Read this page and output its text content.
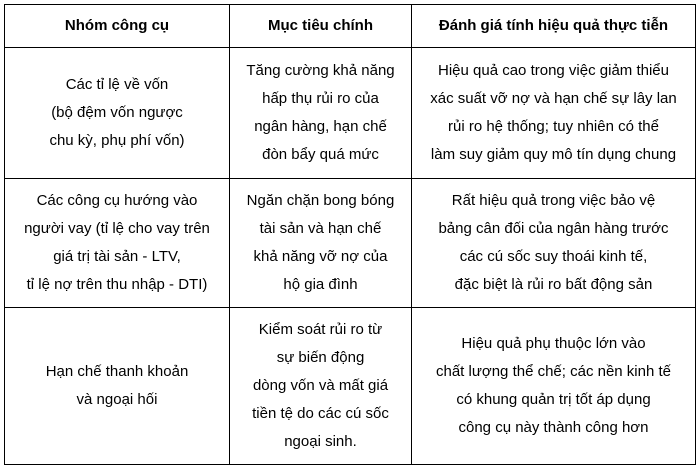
Nhóm công cụ	Mục tiêu chính	Đánh giá tính hiệu quả thực tiễn
Các tỉ lệ về vốn
(bộ đệm vốn ngược
chu kỳ, phụ phí vốn)
Tăng cường khả năng
hấp thụ rủi ro của
ngân hàng, hạn chế
đòn bẩy quá mức
Hiệu quả cao trong việc giảm thiểu
xác suất vỡ nợ và hạn chế sự lây lan
rủi ro hệ thống; tuy nhiên có thể
làm suy giảm quy mô tín dụng chung
Các công cụ hướng vào
người vay (tỉ lệ cho vay trên
giá trị tài sản - LTV,
tỉ lệ nợ trên thu nhập - DTI)
Ngăn chặn bong bóng
tài sản và hạn chế
khả năng vỡ nợ của
hộ gia đình
Rất hiệu quả trong việc bảo vệ
bảng cân đối của ngân hàng trước
các cú sốc suy thoái kinh tế,
đặc biệt là rủi ro bất động sản
Hạn chế thanh khoản
và ngoại hối
Kiểm soát rủi ro từ
sự biến động
dòng vốn và mất giá
tiền tệ do các cú sốc
ngoại sinh.
Hiệu quả phụ thuộc lớn vào
chất lượng thể chế; các nền kinh tế
có khung quản trị tốt áp dụng
công cụ này thành công hơn
